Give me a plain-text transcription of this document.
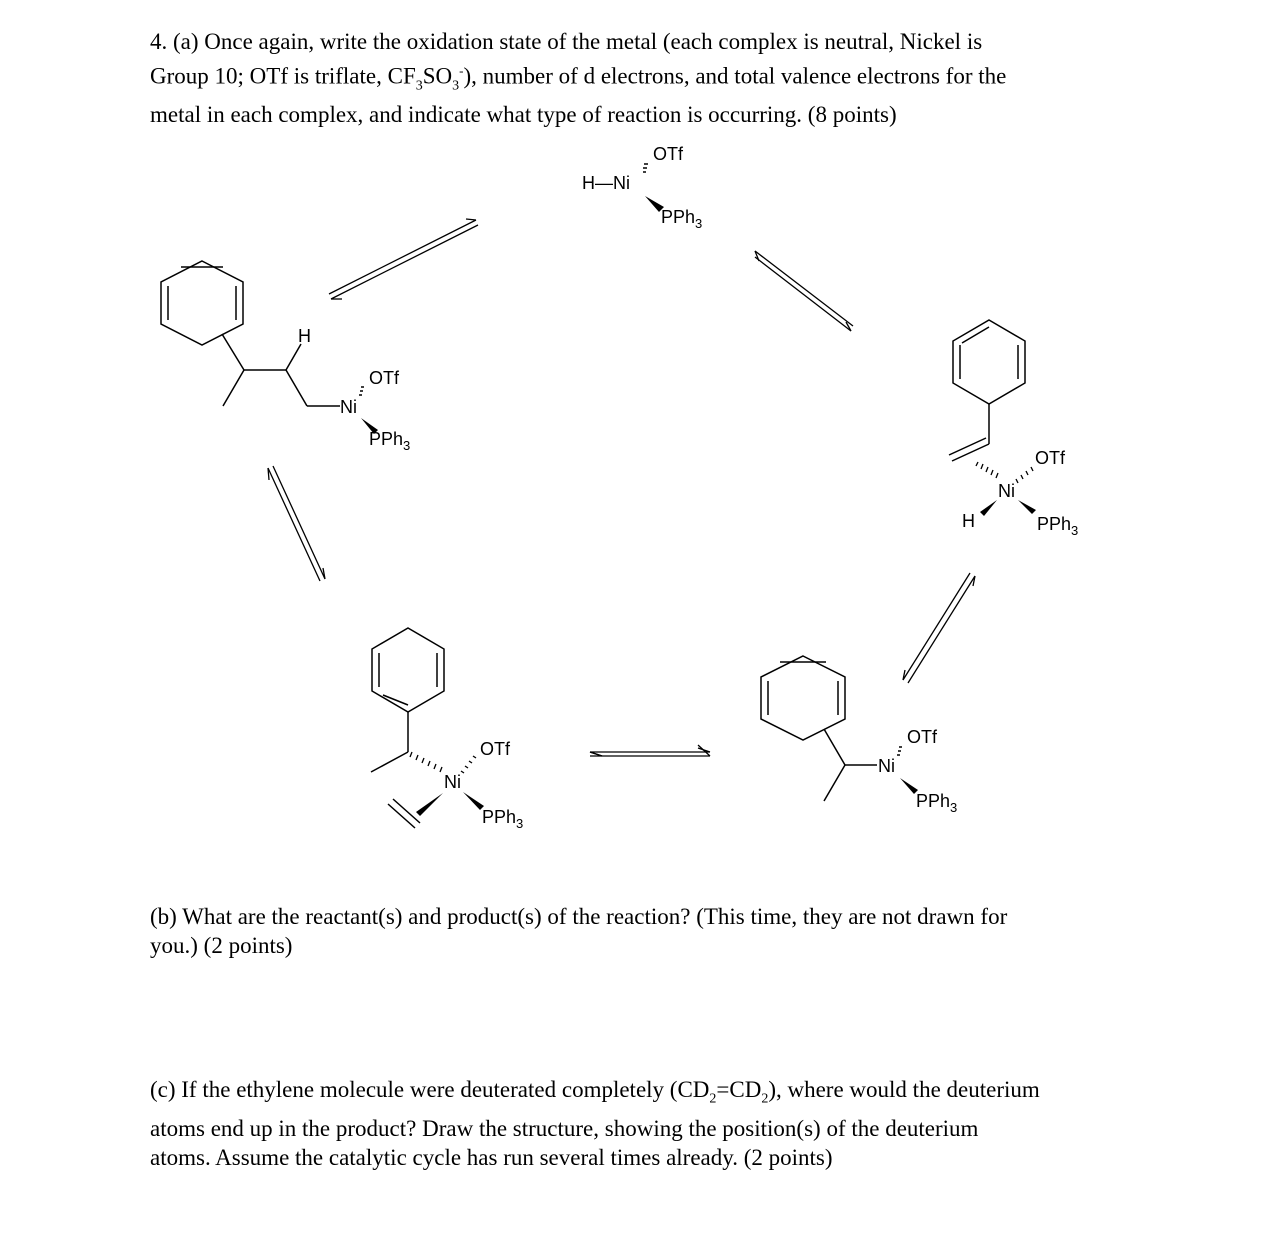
4. (a) Once again, write the oxidation state of the metal (each complex is neutral, Nickel is

Group 10; OTf is triflate, $CF_3SO_3^-$), number of d electrons, and total valence electrons for the

metal in each complex, and indicate what type of reaction is occurring. (8 points)

(b) What are the reactant(s) and product(s) of the reaction? (This time, they are not drawn for

you.) (2 points)

(c) If the ethylene molecule were deuterated completely $(CD_2=CD_2)$, where would the deuterium

atoms end up in the product? Draw the structure, showing the position(s) of the deuterium

atoms. Assume the catalytic cycle has run several times already. (2 points)

H—Ni
OTf
PPh$_3$
OTf
Ni
H	PPh$_3$
Ni
OTf
PPh$_3$
OTf
Ni
PPh$_3$
H
Ni
OTf
PPh$_3$
